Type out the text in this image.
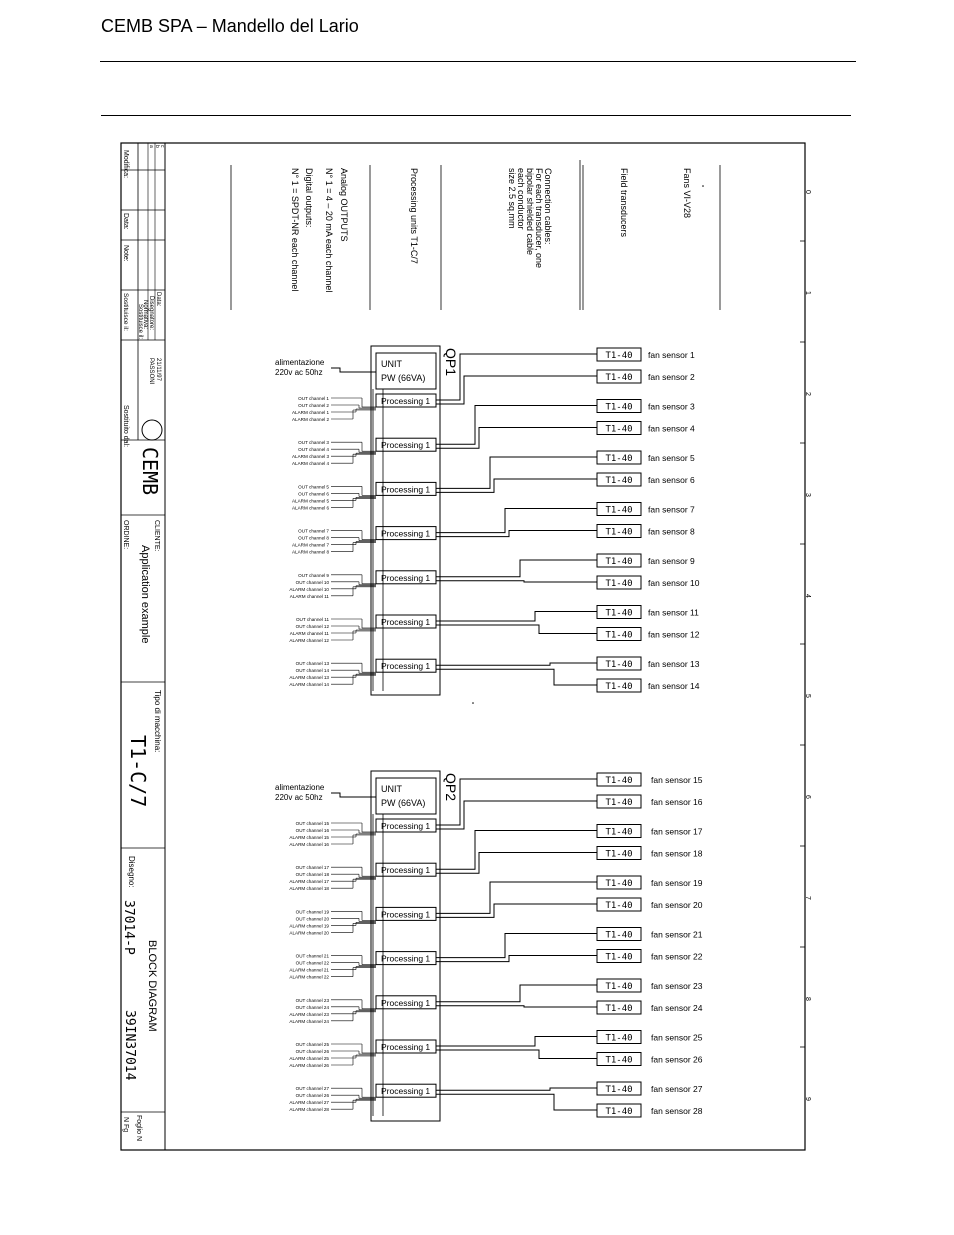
CEMB SPA – Mandello del Lario
0
1
2
3
4
5
6
7
8
9
a b c
Modifica:
Data:
Note:
Sostituisce il:	Data:
Disegnatore:
Normativa:
Sostituisce il:
21/11/97
PASSONI
Sostituito dal:
CEMB
CLIENTE:
ORDINE:
Application example
Tipo di macchina:
T1-C/7
Disegno:
37014-P
BLOCK DIAGRAM
39IN37014
Foglio N
N Fg
Fans VI-V28
Field transducers
Connection cables:
For each transducer, one
bipolar shielded cable
each conductor
size 2.5 sq.mm
Processing units T1-C/7
Analog OUTPUTS
N° 1 = 4 – 20 mA each channel
Digital outputs:
N° 1 = SPDT-NR each channel
UNIT
PW (66VA)
alimentazione
220v ac 50hz
Processing 1
OUT channel 1
OUT channel 2
ALARM channel 1
ALARM channel 2
T1-40 fan sensor 1
T1-40 fan sensor 2
Processing 1
OUT channel 3
OUT channel 4
ALARM channel 3
ALARM channel 4
T1-40 fan sensor 3
T1-40 fan sensor 4
Processing 1
OUT channel 5
OUT channel 6
ALARM channel 5
ALARM channel 6
T1-40 fan sensor 5
T1-40 fan sensor 6
Processing 1
OUT channel 7
OUT channel 8
ALARM channel 7
ALARM channel 8
T1-40 fan sensor 7
T1-40 fan sensor 8
Processing 1
OUT channel 9
OUT channel 10
ALARM channel 10
ALARM channel 11
T1-40 fan sensor 9
T1-40 fan sensor 10
Processing 1
OUT channel 11
OUT channel 12
ALARM channel 11
ALARM channel 12
T1-40 fan sensor 11
T1-40 fan sensor 12
Processing 1
OUT channel 13
OUT channel 14
ALARM channel 13
ALARM channel 14
T1-40 fan sensor 13
T1-40 fan sensor 14
QP1
UNIT
PW (66VA)
alimentazione
220v ac 50hz
Processing 1
OUT channel 15
OUT channel 16
ALARM channel 15
ALARM channel 16
T1-40 fan sensor 15
T1-40 fan sensor 16
Processing 1
OUT channel 17
OUT channel 18
ALARM channel 17
ALARM channel 18
T1-40 fan sensor 17
T1-40 fan sensor 18
Processing 1
OUT channel 19
OUT channel 20
ALARM channel 19
ALARM channel 20
T1-40 fan sensor 19
T1-40 fan sensor 20
Processing 1
OUT channel 21
OUT channel 22
ALARM channel 21
ALARM channel 22
T1-40 fan sensor 21
T1-40 fan sensor 22
Processing 1
OUT channel 23
OUT channel 24
ALARM channel 23
ALARM channel 24
T1-40 fan sensor 23
T1-40 fan sensor 24
Processing 1
OUT channel 25
OUT channel 26
ALARM channel 25
ALARM channel 26
T1-40 fan sensor 25
T1-40 fan sensor 26
Processing 1
OUT channel 27
OUT channel 26
ALARM channel 27
ALARM channel 28
T1-40 fan sensor 27
T1-40 fan sensor 28
QP2
